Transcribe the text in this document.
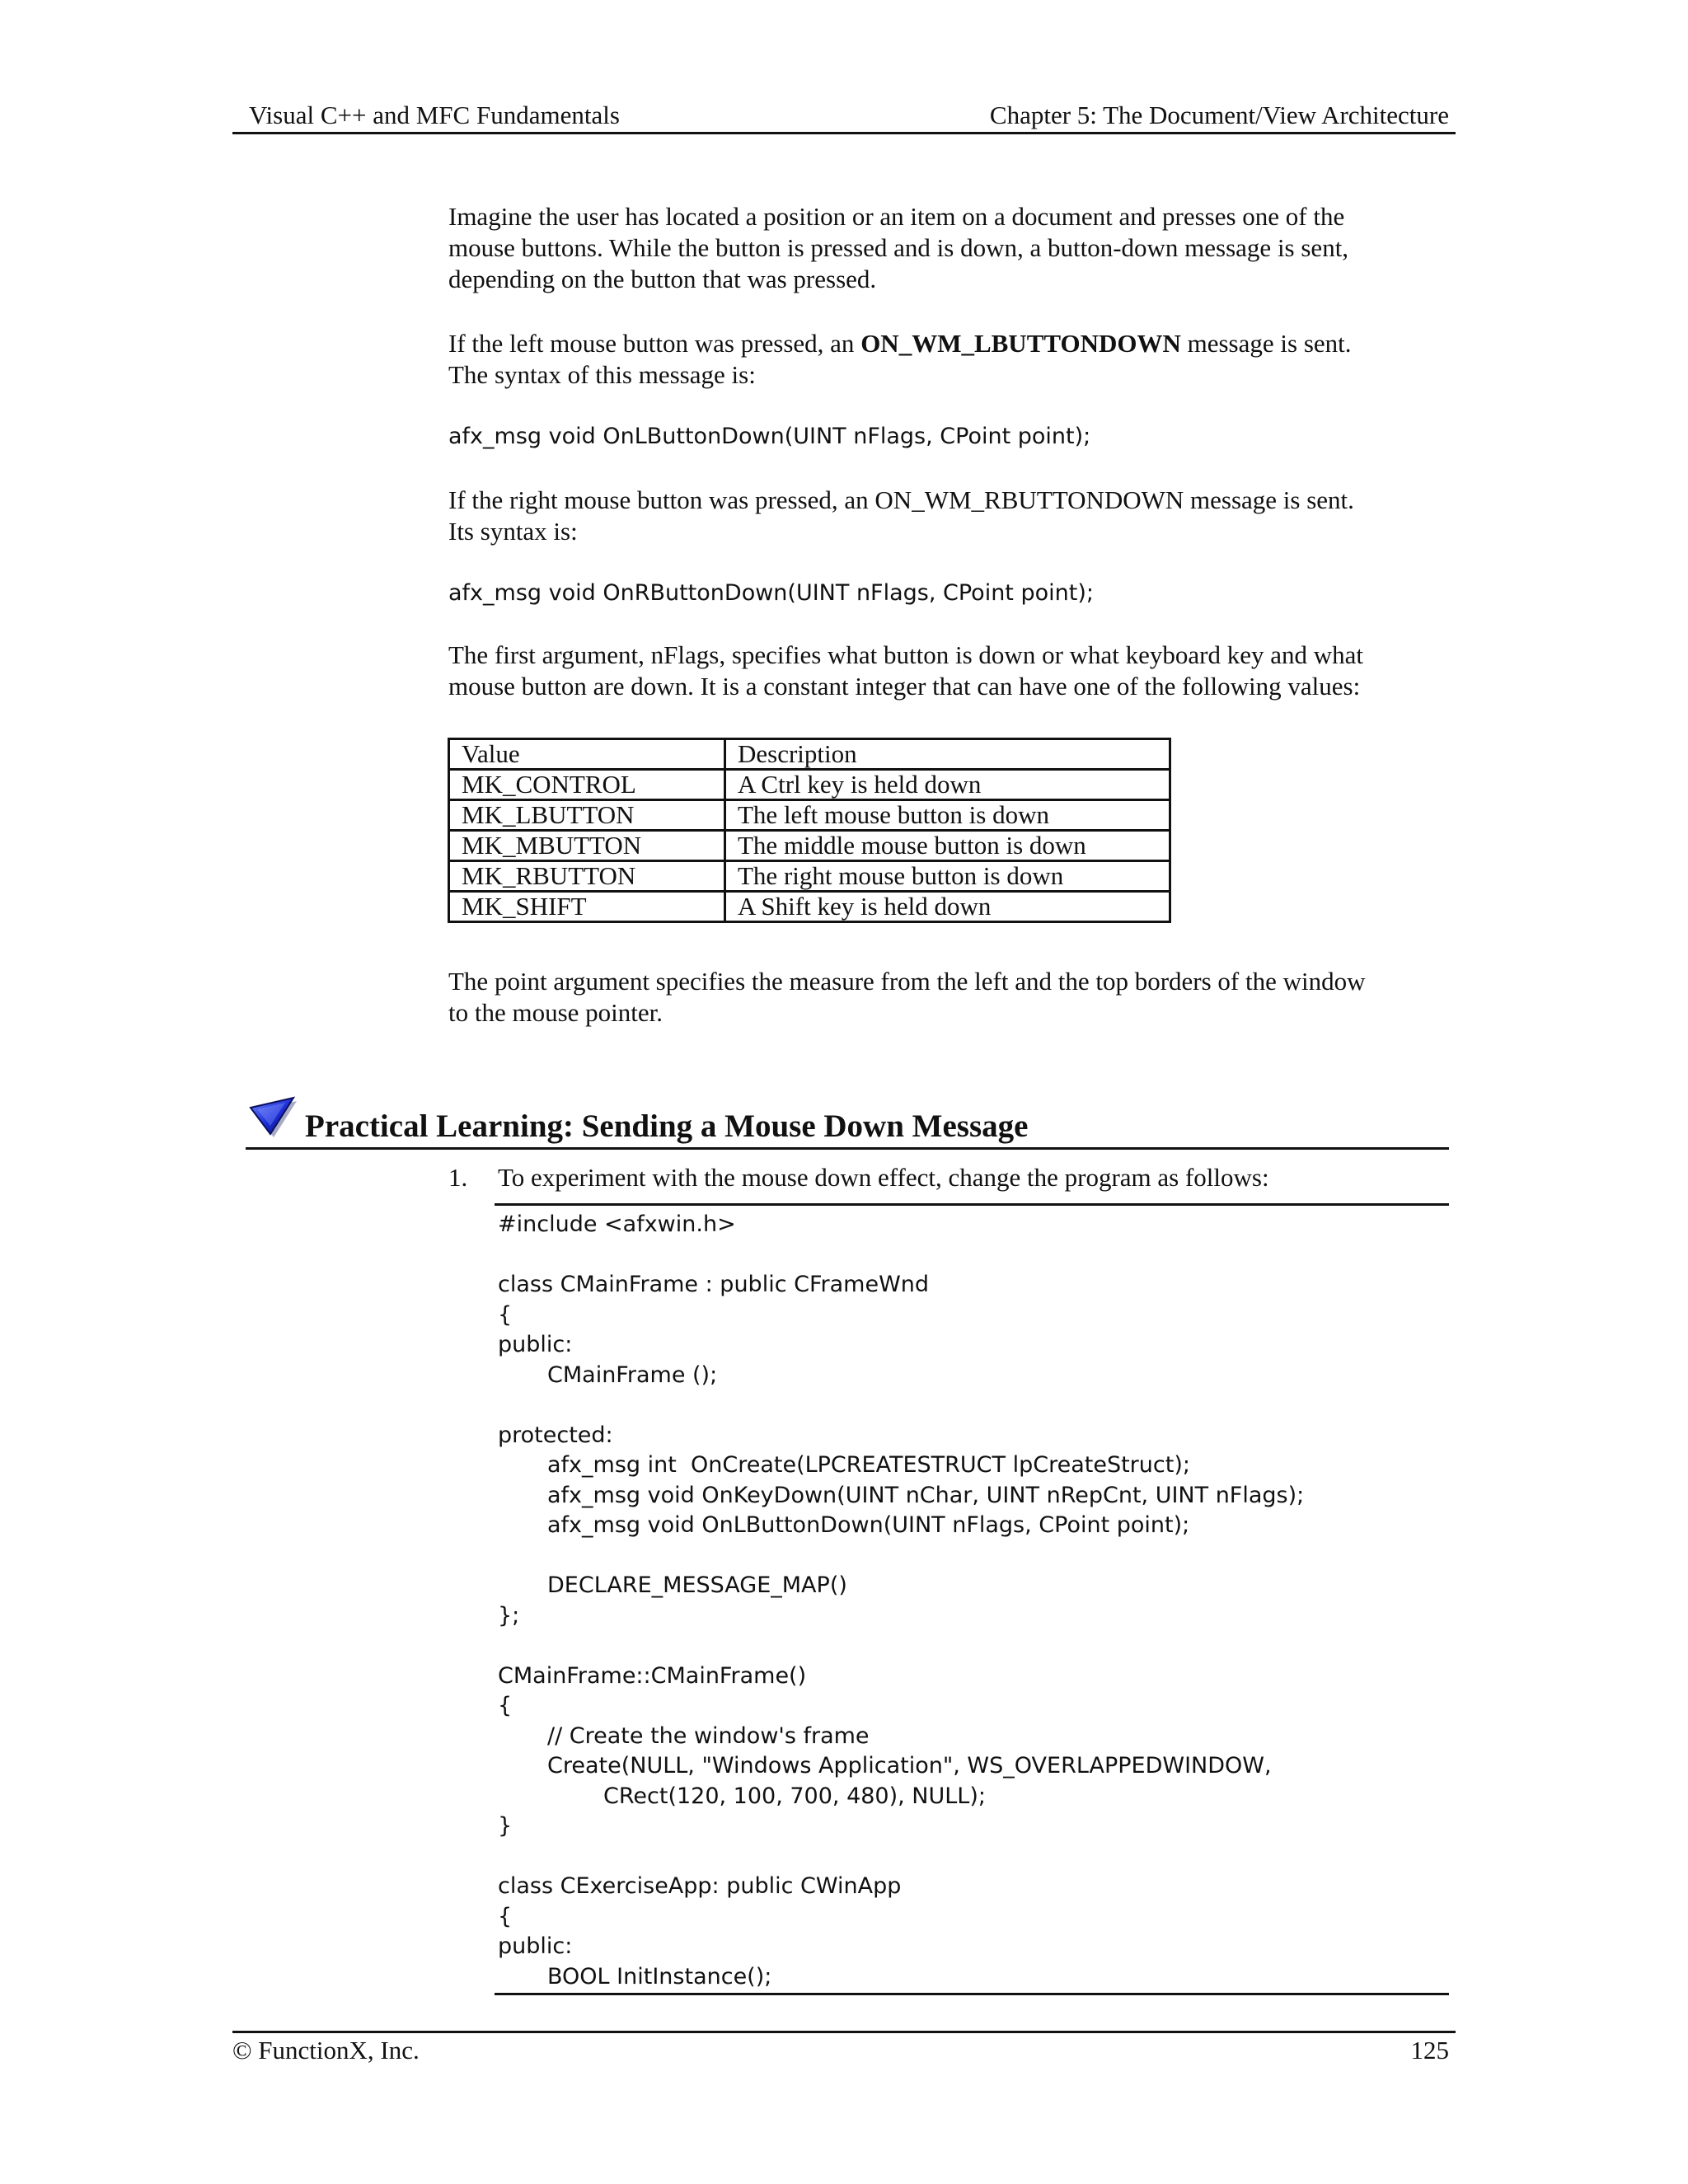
Visual C++ and MFC Fundamentals	Chapter 5: The Document/View Architecture
Imagine the user has located a position or an item on a document and presses one of the
mouse buttons. While the button is pressed and is down, a button-down message is sent,
depending on the button that was pressed.
If the left mouse button was pressed, an ON_WM_LBUTTONDOWN message is sent.
The syntax of this message is:
afx_msg void OnLButtonDown(UINT nFlags, CPoint point);
If the right mouse button was pressed, an ON_WM_RBUTTONDOWN message is sent.
Its syntax is:
afx_msg void OnRButtonDown(UINT nFlags, CPoint point);
The first argument, nFlags, specifies what button is down or what keyboard key and what
mouse button are down. It is a constant integer that can have one of the following values:
Value	Description
MK_CONTROL	A Ctrl key is held down
MK_LBUTTON	The left mouse button is down
MK_MBUTTON	The middle mouse button is down
MK_RBUTTON	The right mouse button is down
MK_SHIFT	A Shift key is held down
The point argument specifies the measure from the left and the top borders of the window
to the mouse pointer.
Practical Learning: Sending a Mouse Down Message
1. To experiment with the mouse down effect, change the program as follows:
#include <afxwin.h>
class CMainFrame : public CFrameWnd
{
public:
CMainFrame ();
protected:
afx_msg int  OnCreate(LPCREATESTRUCT lpCreateStruct);
afx_msg void OnKeyDown(UINT nChar, UINT nRepCnt, UINT nFlags);
afx_msg void OnLButtonDown(UINT nFlags, CPoint point);
DECLARE_MESSAGE_MAP()
};
CMainFrame::CMainFrame()
{
// Create the window's frame
Create(NULL, "Windows Application", WS_OVERLAPPEDWINDOW,
CRect(120, 100, 700, 480), NULL);
}
class CExerciseApp: public CWinApp
{
public:
BOOL InitInstance();
© FunctionX, Inc.	125
